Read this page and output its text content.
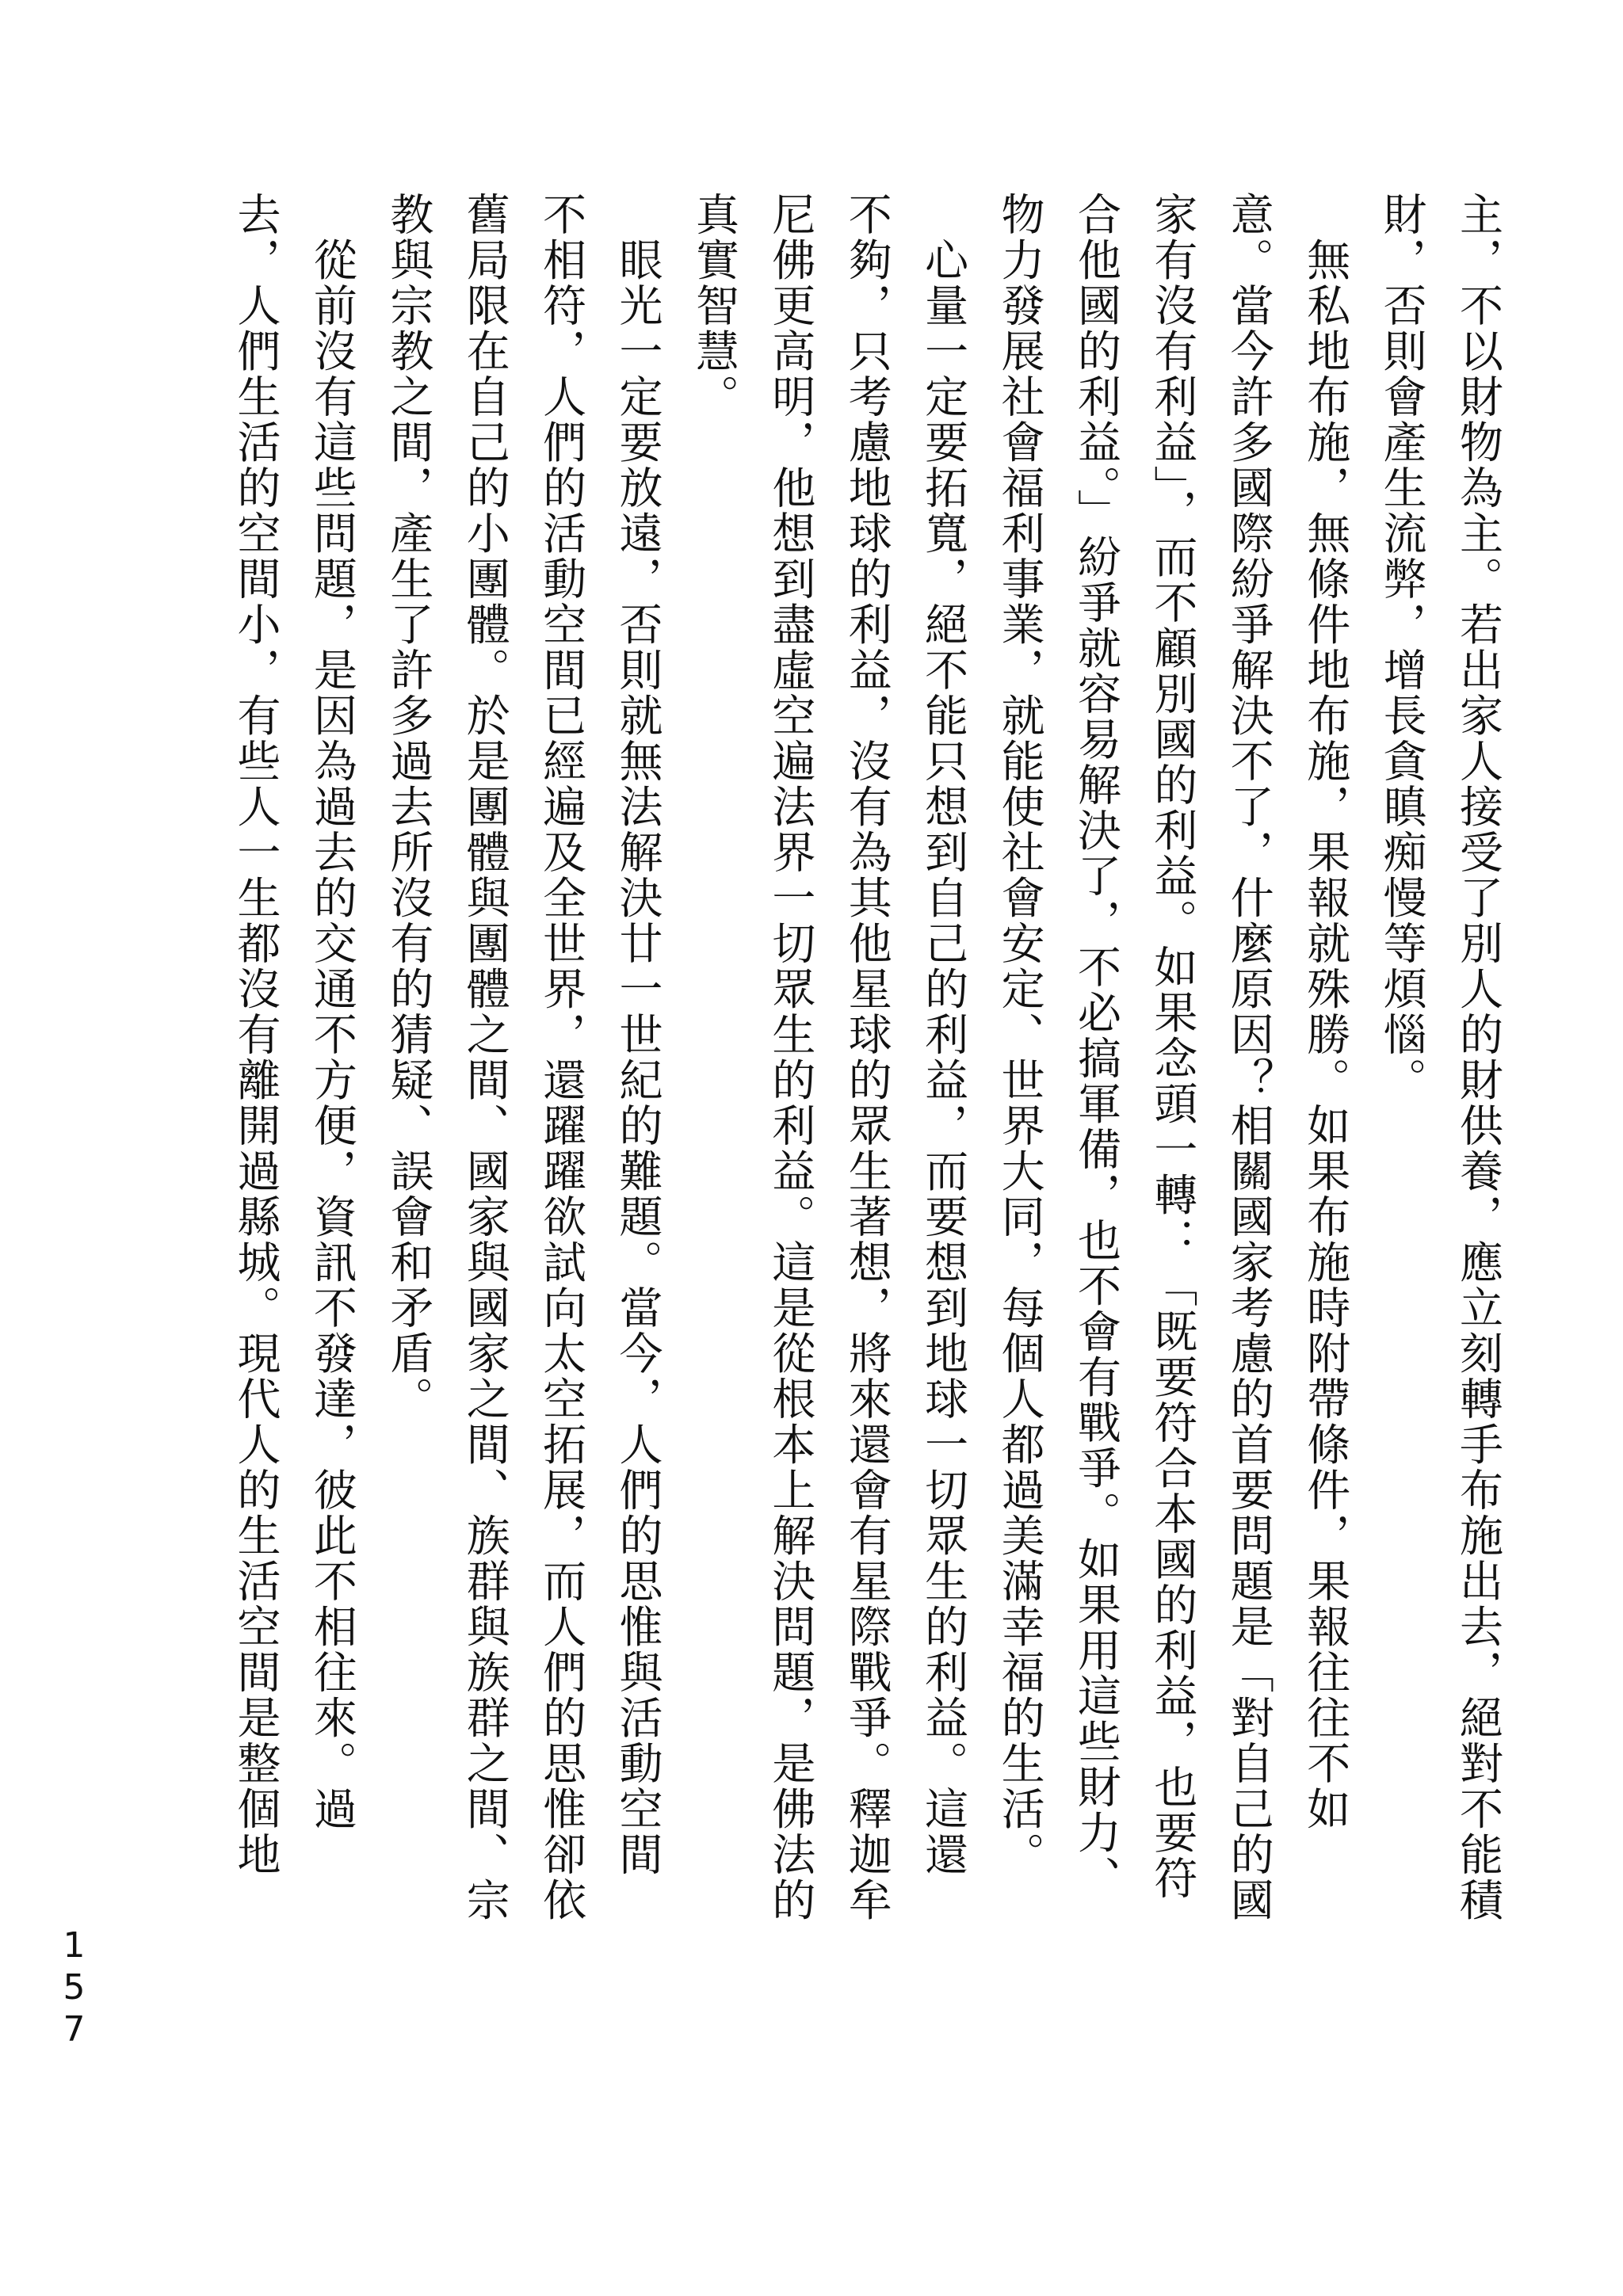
主，不以財物為主。若出家人接受了別人的財供養，應立刻轉手布施出去，絕對不能積
財，否則會產生流弊，增長貪瞋痴慢等煩惱。
　無私地布施，無條件地布施，果報就殊勝。如果布施時附帶條件，果報往往不如
意。當今許多國際紛爭解決不了，什麼原因？相關國家考慮的首要問題是「對自己的國
家有沒有利益」，而不顧別國的利益。如果念頭一轉：「既要符合本國的利益，也要符
合他國的利益。」紛爭就容易解決了，不必搞軍備，也不會有戰爭。如果用這些財力、
物力發展社會福利事業，就能使社會安定、世界大同，每個人都過美滿幸福的生活。
　心量一定要拓寬，絕不能只想到自己的利益，而要想到地球一切眾生的利益。這還
不夠，只考慮地球的利益，沒有為其他星球的眾生著想，將來還會有星際戰爭。釋迦牟
尼佛更高明，他想到盡虛空遍法界一切眾生的利益。這是從根本上解決問題，是佛法的
真實智慧。
　眼光一定要放遠，否則就無法解決廿一世紀的難題。當今，人們的思惟與活動空間
不相符，人們的活動空間已經遍及全世界，還躍躍欲試向太空拓展，而人們的思惟卻依
舊局限在自己的小團體。於是團體與團體之間、國家與國家之間、族群與族群之間、宗
教與宗教之間，產生了許多過去所沒有的猜疑、誤會和矛盾。
　從前沒有這些問題，是因為過去的交通不方便，資訊不發達，彼此不相往來。過
去，人們生活的空間小，有些人一生都沒有離開過縣城。現代人的生活空間是整個地
157
